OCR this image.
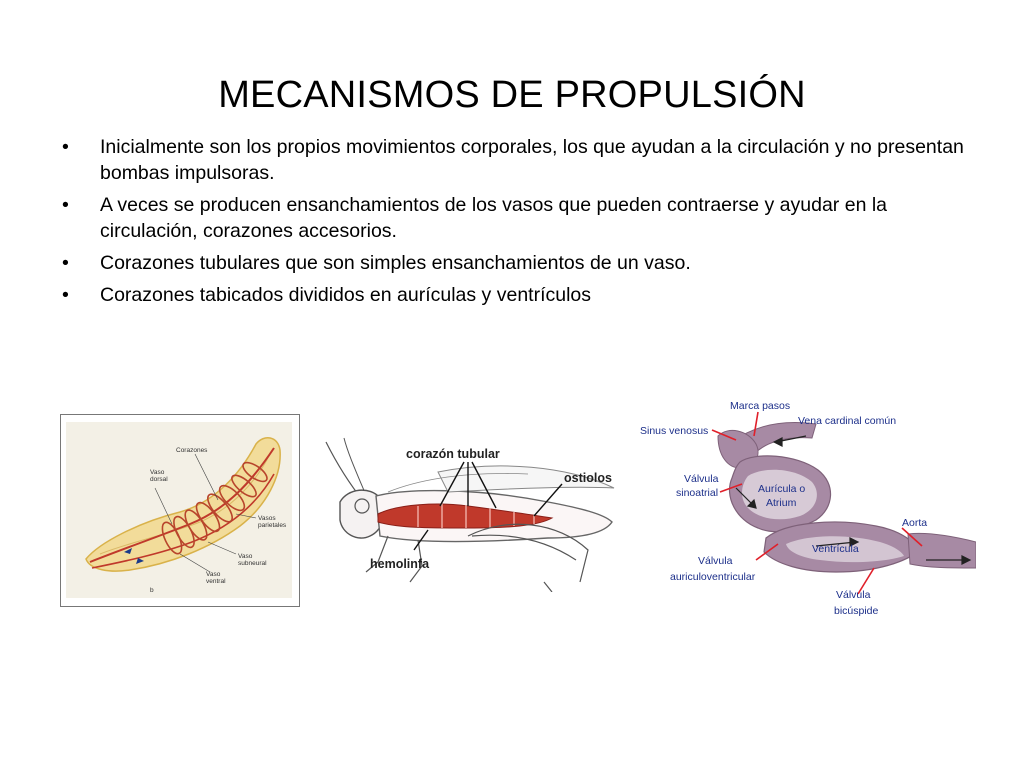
MECANISMOS DE PROPULSIÓN
• Inicialmente son los propios movimientos corporales, los que ayudan a la circulación y no presentan bombas impulsoras.
• A veces se producen ensanchamientos de los vasos que pueden contraerse y ayudar en la circulación, corazones accesorios.
• Corazones tubulares que son simples ensanchamientos de un vaso.
• Corazones tabicados divididos en aurículas y ventrículos
Corazones
Vaso
dorsal
Vasos
parietales
Vaso
subneural
Vaso
ventral
b
corazón tubular
ostiolos
hemolinfa
Marca pasos
Vena cardinal común
Sinus venosus
Válvula
sinoatrial	Aurícula o
Atrium
Aorta
Ventrícula
Válvula
auriculoventricular
Válvula
bicúspide
